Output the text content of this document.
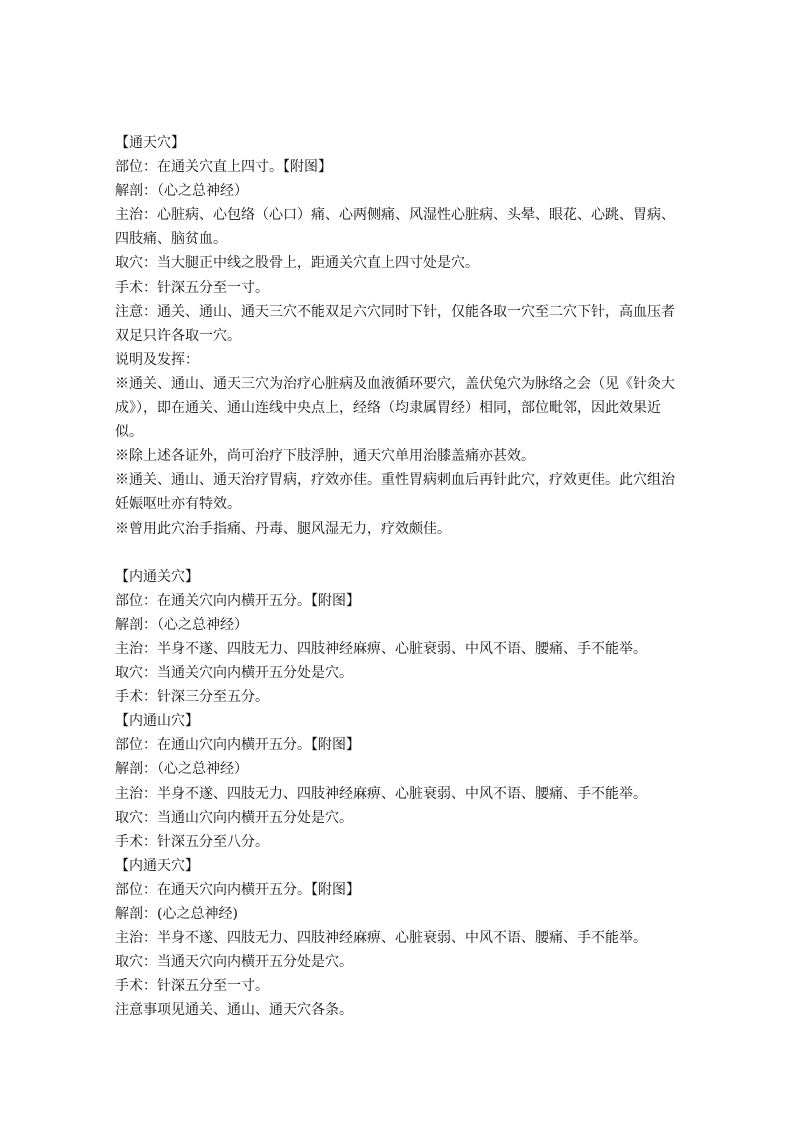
【通天穴】

部位：在通关穴直上四寸。【附图】

解剖：（心之总神经）

主治：心脏病、心包络（心口）痛、心两侧痛、风湿性心脏病、头晕、眼花、心跳、胃病、四肢痛、脑贫血。

取穴：当大腿正中线之股骨上，距通关穴直上四寸处是穴。

手术：针深五分至一寸。

注意：通关、通山、通天三穴不能双足六穴同时下针，仅能各取一穴至二穴下针，高血压者双足只许各取一穴。

说明及发挥：

※通关、通山、通天三穴为治疗心脏病及血液循环要穴，盖伏兔穴为脉络之会（见《针灸大成》），即在通关、通山连线中央点上，经络（均隶属胃经）相同，部位毗邻，因此效果近似。

※除上述各证外，尚可治疗下肢浮肿，通天穴单用治膝盖痛亦甚效。

※通关、通山、通天治疗胃病，疗效亦佳。重性胃病刺血后再针此穴，疗效更佳。此穴组治妊娠呕吐亦有特效。

※曾用此穴治手指痛、丹毒、腿风湿无力，疗效颇佳。

【内通关穴】

部位：在通关穴向内横开五分。【附图】

解剖：（心之总神经）

主治：半身不遂、四肢无力、四肢神经麻痹、心脏衰弱、中风不语、腰痛、手不能举。

取穴：当通关穴向内横开五分处是穴。

手术：针深三分至五分。

【内通山穴】

部位：在通山穴向内横开五分。【附图】

解剖：（心之总神经）

主治：半身不遂、四肢无力、四肢神经麻痹、心脏衰弱、中风不语、腰痛、手不能举。

取穴：当通山穴向内横开五分处是穴。

手术：针深五分至八分。

【内通天穴】

部位：在通天穴向内横开五分。【附图】

解剖：(心之总神经)

主治：半身不遂、四肢无力、四肢神经麻痹、心脏衰弱、中风不语、腰痛、手不能举。

取穴：当通天穴向内横开五分处是穴。

手术：针深五分至一寸。

注意事项见通关、通山、通天穴各条。
